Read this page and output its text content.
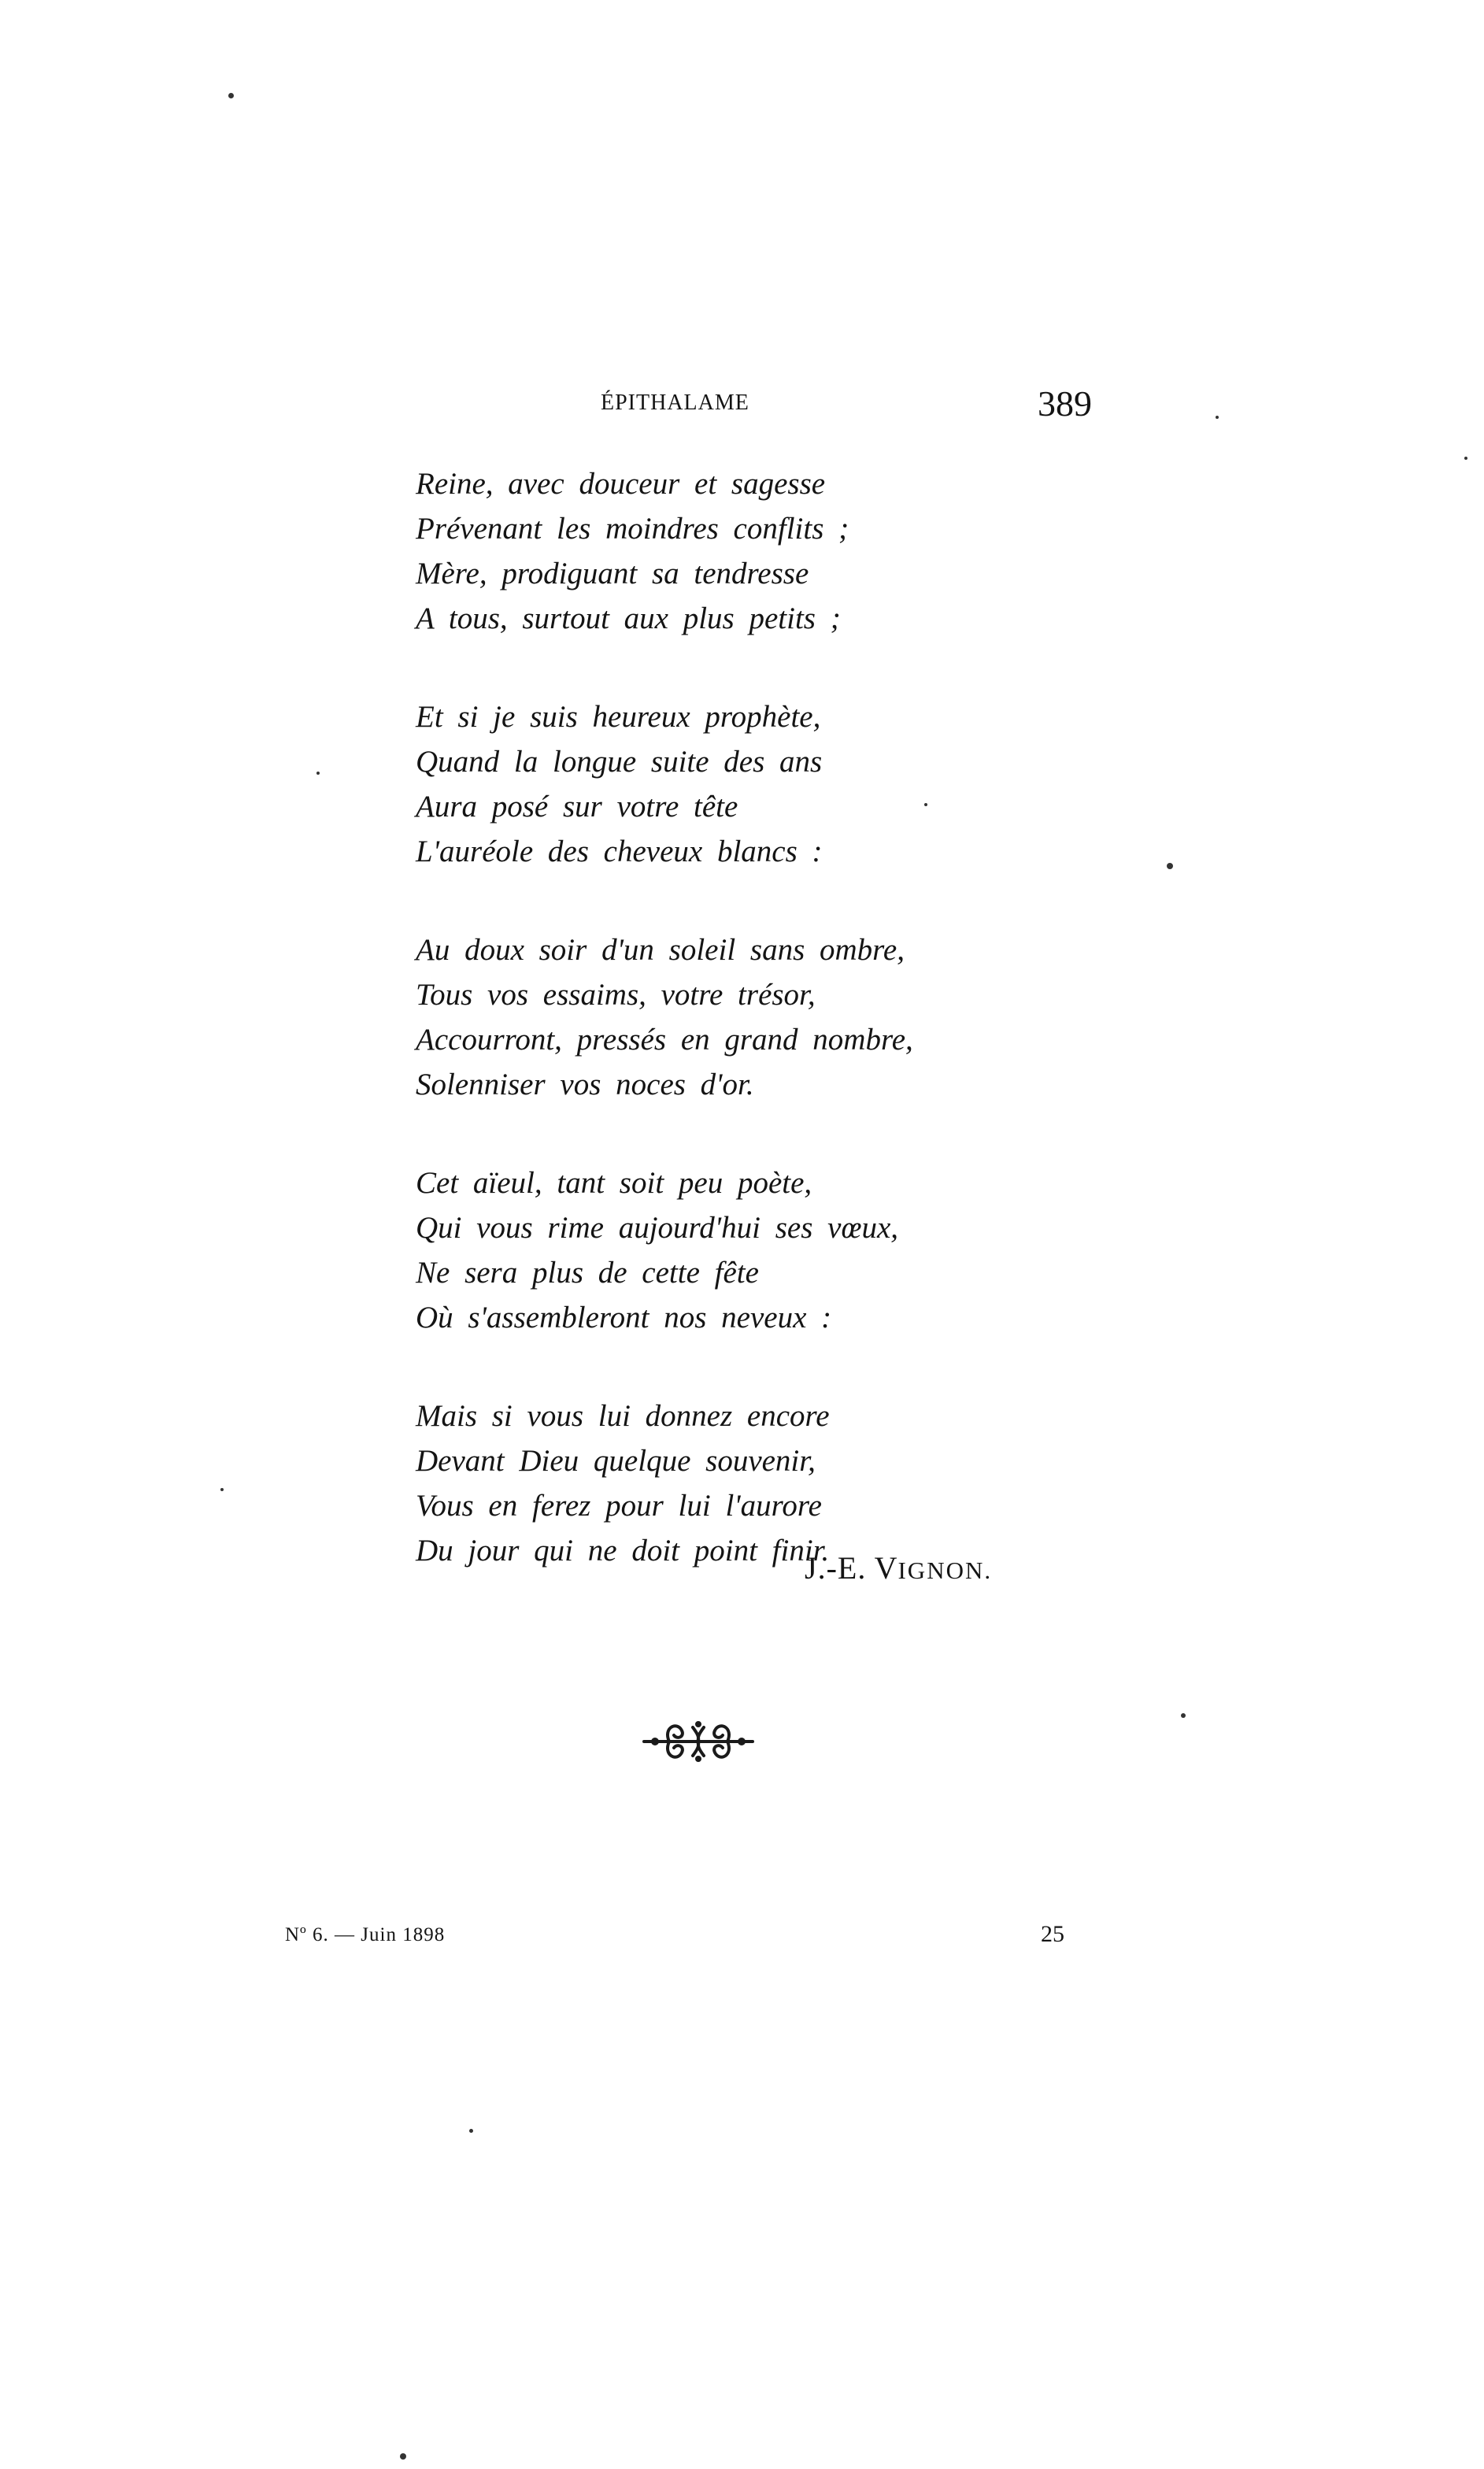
ÉPITHALAME	389
Reine, avec douceur et sagesse
Prévenant les moindres conflits ;
Mère, prodiguant sa tendresse
A tous, surtout aux plus petits ;
Et si je suis heureux prophète,
Quand la longue suite des ans
Aura posé sur votre tête
L'auréole des cheveux blancs :
Au doux soir d'un soleil sans ombre,
Tous vos essaims, votre trésor,
Accourront, pressés en grand nombre,
Solenniser vos noces d'or.
Cet aïeul, tant soit peu poète,
Qui vous rime aujourd'hui ses vœux,
Ne sera plus de cette fête
Où s'assembleront nos neveux :
Mais si vous lui donnez encore
Devant Dieu quelque souvenir,
Vous en ferez pour lui l'aurore
Du jour qui ne doit point finir.
J.-E. VIGNON.
Nº 6. — Juin 1898	25
